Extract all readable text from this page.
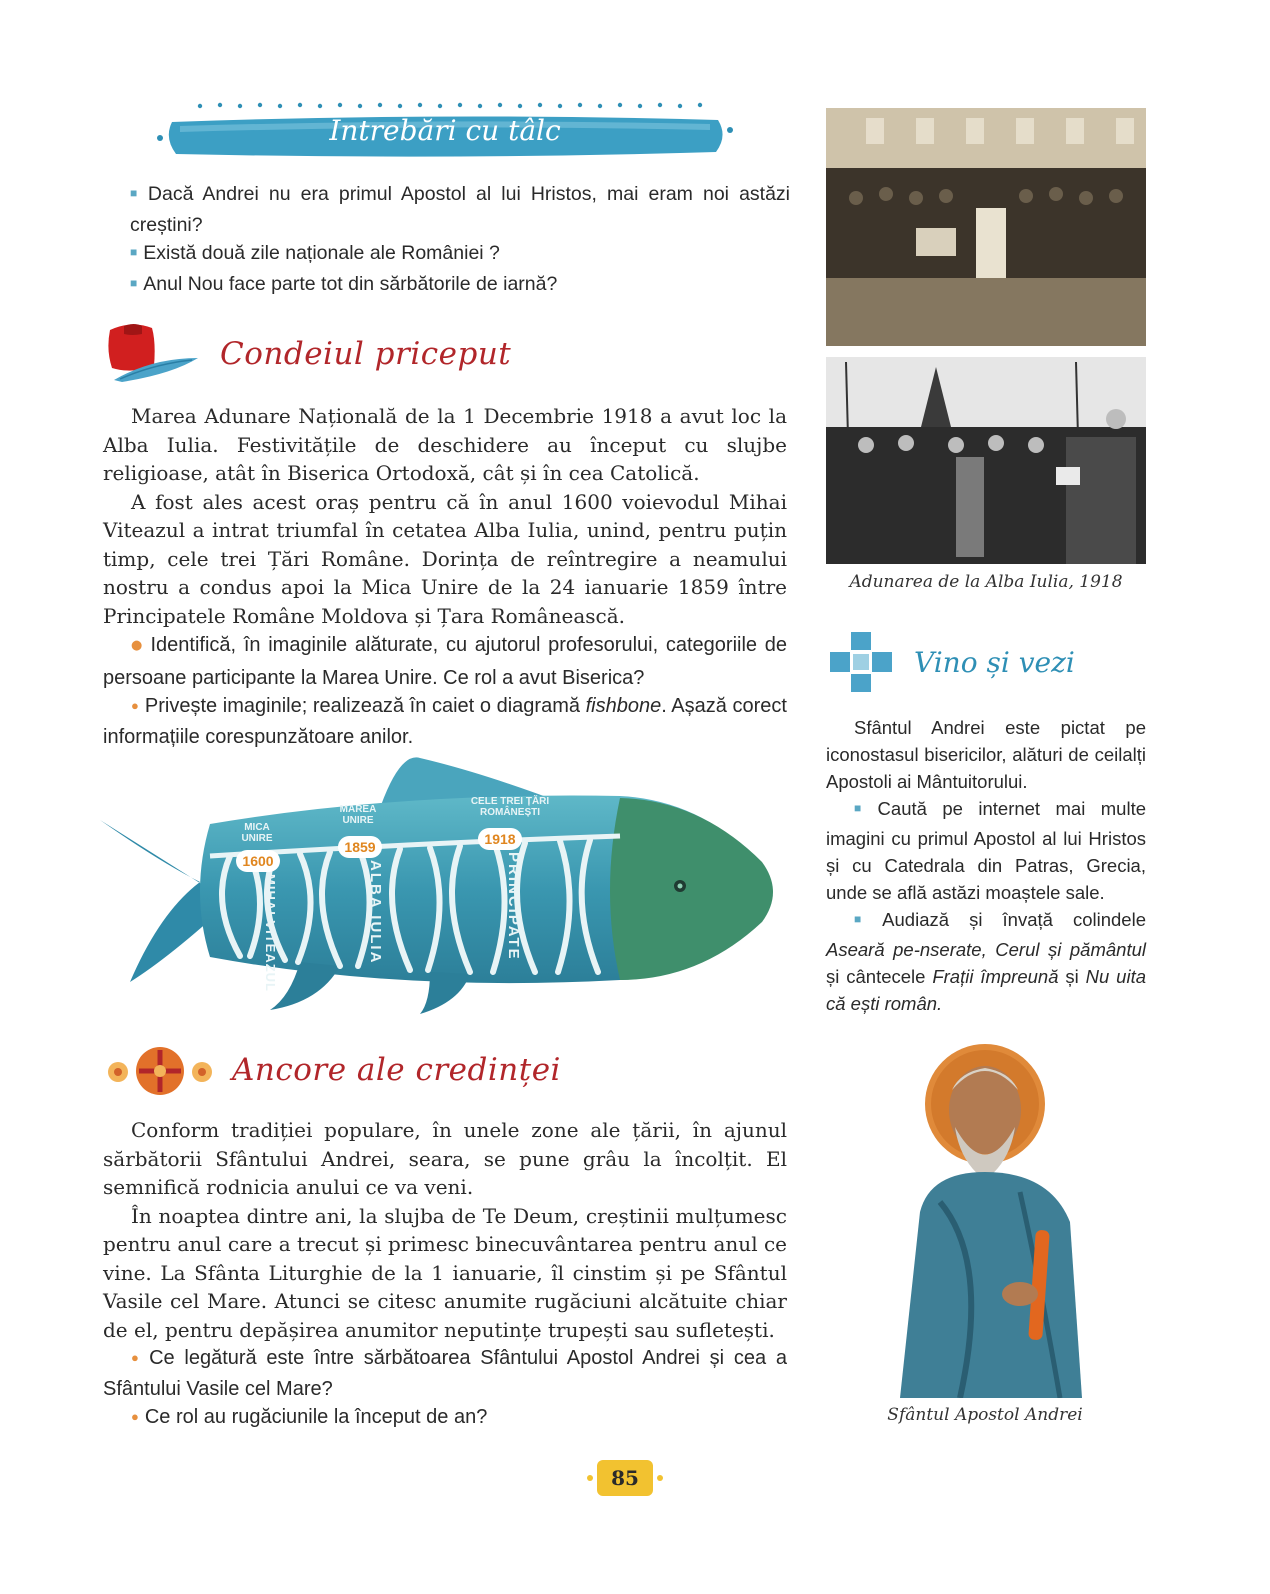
Întrebări cu tâlc

■ Dacă Andrei nu era primul Apostol al lui Hristos, mai eram noi astăzi creștini?

■ Există două zile naționale ale României ?

■ Anul Nou face parte tot din sărbătorile de iarnă?

Condeiul priceput

Marea Adunare Națională de la 1 Decembrie 1918 a avut loc la Alba Iulia. Festivitățile de deschidere au început cu slujbe religioase, atât în Biserica Ortodoxă, cât și în cea Catolică.

A fost ales acest oraș pentru că în anul 1600 voievodul Mihai Viteazul a intrat triumfal în cetatea Alba Iulia, unind, pentru puțin timp, cele trei Țări Române. Dorința de reîntregire a neamului nostru a condus apoi la Mica Unire de la 24 ianuarie 1859 între Principatele Române Moldova și Țara Românească.

● Identifică, în imaginile alăturate, cu ajutorul profesorului, categoriile de persoane participante la Marea Unire. Ce rol a avut Biserica?

● Privește imaginile; realizează în caiet o diagramă fishbone. Așază corect informațiile corespunzătoare anilor.

MICA UNIRE
1600
MIHAI VITEAZUL
MAREA UNIRE
1859
ALBA IULIA
CELE TREI ȚĂRI ROMÂNEȘTI
1918
PRINCIPATE
Ancore ale credinței

Conform tradiției populare, în unele zone ale țării, în ajunul sărbătorii Sfântului Andrei, seara, se pune grâu la încolțit. El semnifică rodnicia anului ce va veni.

În noaptea dintre ani, la slujba de Te Deum, creștinii mulțumesc pentru anul care a trecut și primesc binecuvântarea pentru anul ce vine. La Sfânta Liturghie de la 1 ianuarie, îl cinstim și pe Sfântul Vasile cel Mare. Atunci se citesc anumite rugăciuni alcătuite chiar de el, pentru depășirea anumitor neputințe trupești sau sufletești.

● Ce legătură este între sărbătoarea Sfântului Apostol Andrei și cea a Sfântului Vasile cel Mare?

● Ce rol au rugăciunile la început de an?

Adunarea de la Alba Iulia, 1918
Vino și vezi

Sfântul Andrei este pictat pe iconostasul bisericilor, alături de ceilalți Apostoli ai Mântuitorului.

■ Caută pe internet mai multe imagini cu primul Apostol al lui Hristos și cu Catedrala din Patras, Grecia, unde se află astăzi moaștele sale.

■ Audiază și învață colindele Aseară pe-nserate, Cerul și pământul și cântecele Frații împreună și Nu uita că ești român.

Sfântul Apostol Andrei
85
